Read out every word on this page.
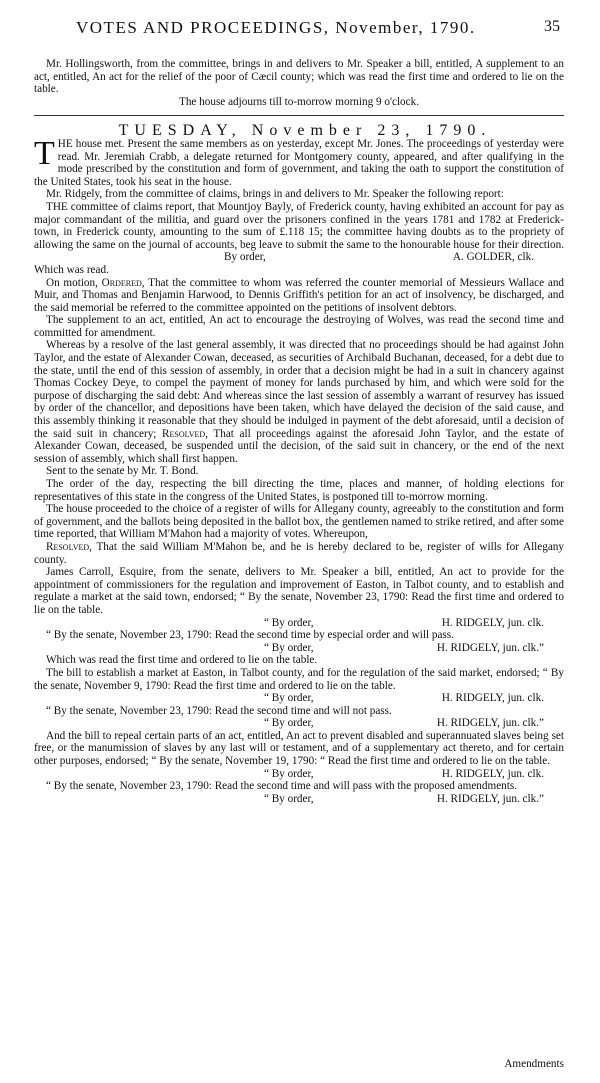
VOTES AND PROCEEDINGS, November, 1790.	35

Mr. Hollingsworth, from the committee, brings in and delivers to Mr. Speaker a bill, entitled, A supplement to an act, entitled, An act for the relief of the poor of Cæcil county; which was read the first time and ordered to lie on the table.

The house adjourns till to-morrow morning 9 o'clock.

TUESDAY, November 23, 1790.

THE house met. Present the same members as on yesterday, except Mr. Jones. The proceedings of yesterday were read. Mr. Jeremiah Crabb, a delegate returned for Montgomery county, appeared, and after qualifying in the mode prescribed by the constitution and form of government, and taking the oath to support the constitution of the United States, took his seat in the house.

Mr. Ridgely, from the committee of claims, brings in and delivers to Mr. Speaker the following report:

THE committee of claims report, that Mountjoy Bayly, of Frederick county, having exhibited an account for pay as major commandant of the militia, and guard over the prisoners confined in the years 1781 and 1782 at Frederick-town, in Frederick county, amounting to the sum of £.118 15; the committee having doubts as to the propriety of allowing the same on the journal of accounts, beg leave to submit the same to the honourable house for their direction.

By order,	A. GOLDER, clk.

Which was read.

On motion, Ordered, That the committee to whom was referred the counter memorial of Messieurs Wallace and Muir, and Thomas and Benjamin Harwood, to Dennis Griffith's petition for an act of insolvency, be discharged, and the said memorial be referred to the committee appointed on the petitions of insolvent debtors.

The supplement to an act, entitled, An act to encourage the destroying of Wolves, was read the second time and committed for amendment.

Whereas by a resolve of the last general assembly, it was directed that no proceedings should be had against John Taylor, and the estate of Alexander Cowan, deceased, as securities of Archibald Buchanan, deceased, for a debt due to the state, until the end of this session of assembly, in order that a decision might be had in a suit in chancery against Thomas Cockey Deye, to compel the payment of money for lands purchased by him, and which were sold for the purpose of discharging the said debt: And whereas since the last session of assembly a warrant of resurvey has issued by order of the chancellor, and depositions have been taken, which have delayed the decision of the said cause, and this assembly thinking it reasonable that they should be indulged in payment of the debt aforesaid, until a decision of the said suit in chancery; Resolved, That all proceedings against the aforesaid John Taylor, and the estate of Alexander Cowan, deceased, be suspended until the decision, of the said suit in chancery, or the end of the next session of assembly, which shall first happen.

Sent to the senate by Mr. T. Bond.

The order of the day, respecting the bill directing the time, places and manner, of holding elections for representatives of this state in the congress of the United States, is postponed till to-morrow morning.

The house proceeded to the choice of a register of wills for Allegany county, agreeably to the constitution and form of government, and the ballots being deposited in the ballot box, the gentlemen named to strike retired, and after some time reported, that William M'Mahon had a majority of votes. Whereupon,

Resolved, That the said William M'Mahon be, and he is hereby declared to be, register of wills for Allegany county.

James Carroll, Esquire, from the senate, delivers to Mr. Speaker a bill, entitled, An act to provide for the appointment of commissioners for the regulation and improvement of Easton, in Talbot county, and to establish and regulate a market at the said town, endorsed; “ By the senate, November 23, 1790: Read the first time and ordered to lie on the table.

“ By order,	H. RIDGELY, jun. clk.

“ By the senate, November 23, 1790: Read the second time by especial order and will pass.

“ By order,	H. RIDGELY, jun. clk.”

Which was read the first time and ordered to lie on the table.

The bill to establish a market at Easton, in Talbot county, and for the regulation of the said market, endorsed; “ By the senate, November 9, 1790: Read the first time and ordered to lie on the table.

“ By order,	H. RIDGELY, jun. clk.

“ By the senate, November 23, 1790: Read the second time and will not pass.

“ By order,	H. RIDGELY, jun. clk.”

And the bill to repeal certain parts of an act, entitled, An act to prevent disabled and superannuated slaves being set free, or the manumission of slaves by any last will or testament, and of a supplementary act thereto, and for certain other purposes, endorsed; “ By the senate, November 19, 1790: “ Read the first time and ordered to lie on the table.

“ By order,	H. RIDGELY, jun. clk.

“ By the senate, November 23, 1790: Read the second time and will pass with the proposed amendments.

“ By order,	H. RIDGELY, jun. clk.”
Amendments
